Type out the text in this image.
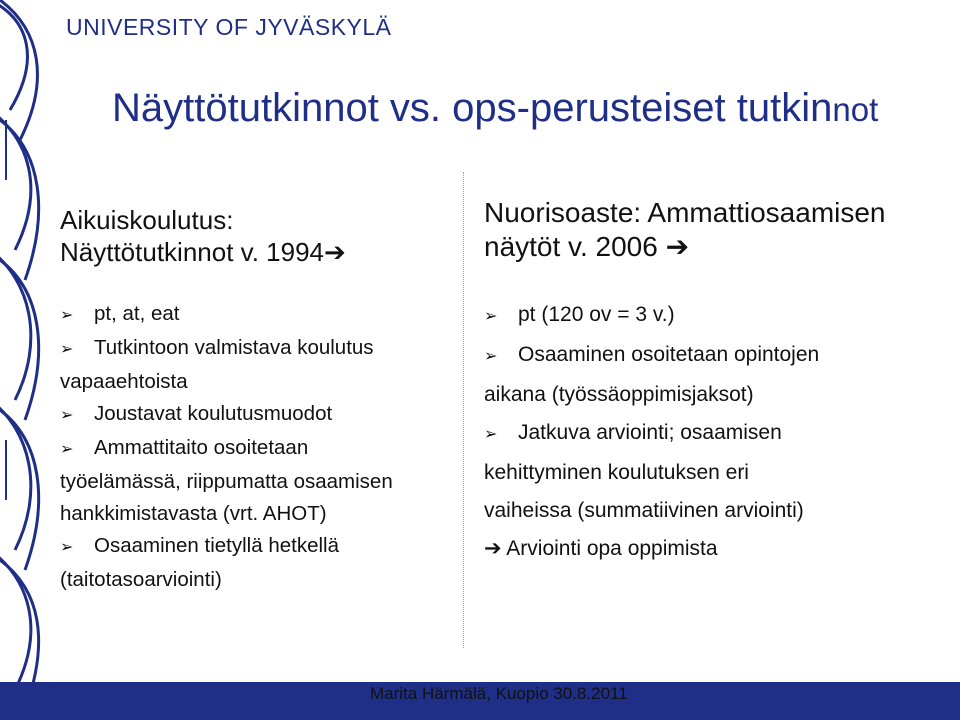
UNIVERSITY OF JYVÄSKYLÄ
Näyttötutkinnot vs. ops-perusteiset tutkinnot
Aikuiskoulutus:
Näyttötutkinnot v. 1994➔
➢ pt, at, eat
➢ Tutkintoon valmistava koulutus
vapaaehtoista
➢ Joustavat koulutusmuodot
➢ Ammattitaito osoitetaan
työelämässä, riippumatta osaamisen
hankkimistavasta (vrt. AHOT)
➢ Osaaminen tietyllä hetkellä
(taitotasoarviointi)
Nuorisoaste: Ammattiosaamisen
näytöt v. 2006 ➔
➢ pt (120 ov = 3 v.)
➢ Osaaminen osoitetaan opintojen
aikana (työssäoppimisjaksot)
➢ Jatkuva arviointi; osaamisen
kehittyminen koulutuksen eri
vaiheissa (summatiivinen arviointi)
➔ Arviointi opa oppimista
Marita Härmälä, Kuopio 30.8.2011
